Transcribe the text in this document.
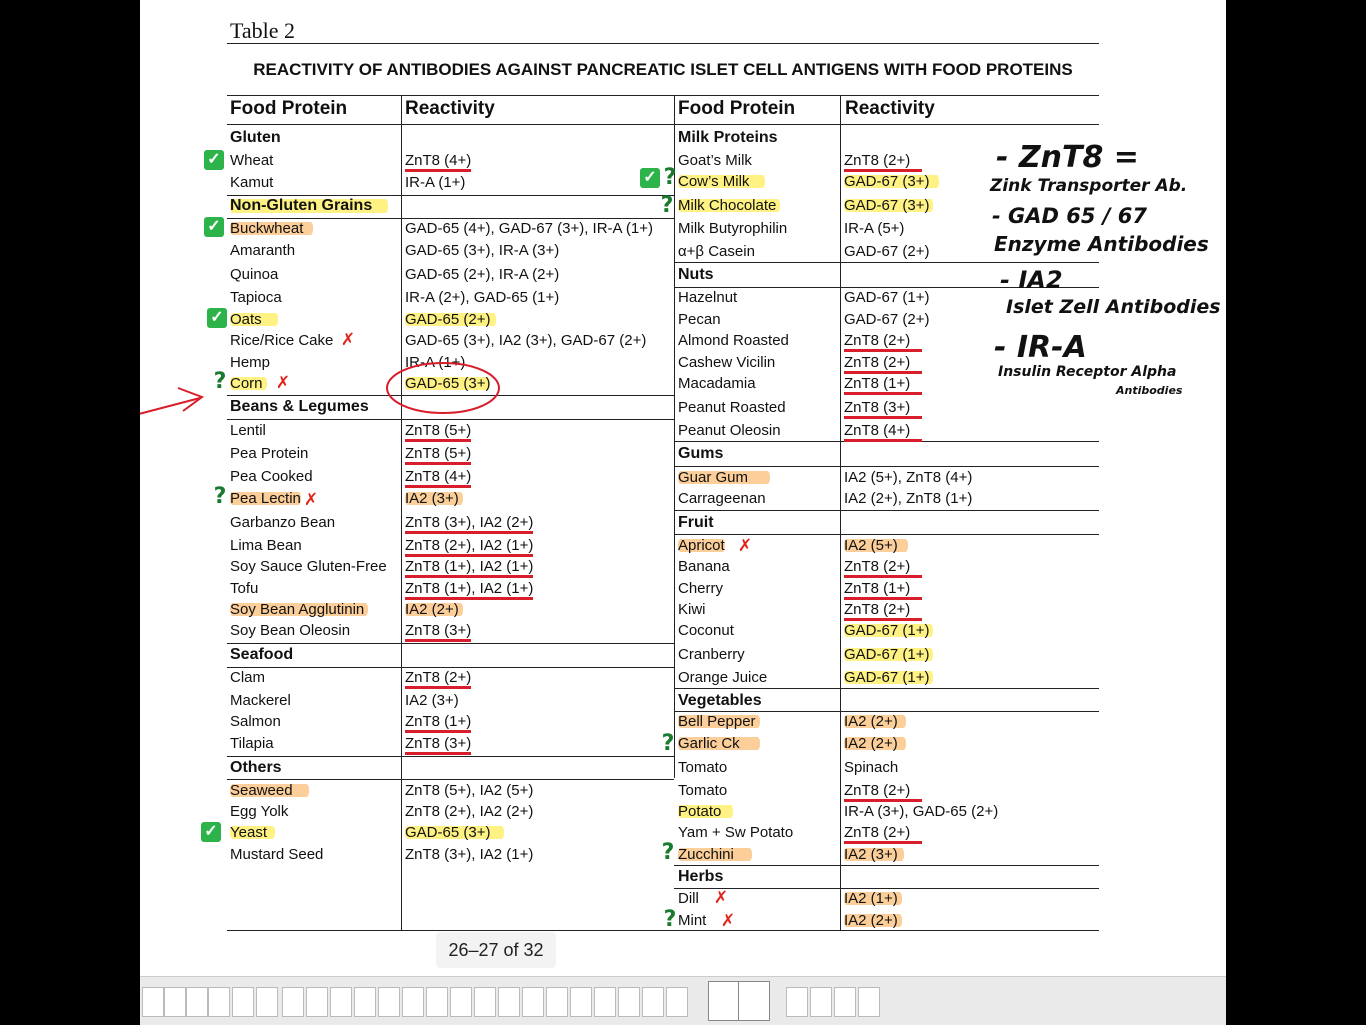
Table 2
REACTIVITY OF ANTIBODIES AGAINST PANCREATIC ISLET CELL ANTIGENS WITH FOOD PROTEINS
Food Protein	Reactivity	Food Protein	Reactivity
Gluten
Wheat	ZnT8 (4+)
Kamut	IR-A (1+)
Non-Gluten Grains
Buckwheat	GAD-65 (4+), GAD-67 (3+), IR-A (1+)
Amaranth	GAD-65 (3+), IR-A (3+)
Quinoa	GAD-65 (2+), IR-A (2+)
Tapioca	IR-A (2+), GAD-65 (1+)
Oats	GAD-65 (2+)
Rice/Rice Cake	GAD-65 (3+), IA2 (3+), GAD-67 (2+)
Hemp	IR-A (1+)
Corn	GAD-65 (3+)
Beans & Legumes
Lentil	ZnT8 (5+)
Pea Protein	ZnT8 (5+)
Pea Cooked	ZnT8 (4+)
Pea Lectin	IA2 (3+)
Garbanzo Bean	ZnT8 (3+), IA2 (2+)
Lima Bean	ZnT8 (2+), IA2 (1+)
Soy Sauce Gluten-Free ZnT8 (1+), IA2 (1+)
Tofu	ZnT8 (1+), IA2 (1+)
Soy Bean Agglutinin	IA2 (2+)
Soy Bean Oleosin	ZnT8 (3+)
Seafood
Clam	ZnT8 (2+)
Mackerel	IA2 (3+)
Salmon	ZnT8 (1+)
Tilapia	ZnT8 (3+)
Others
Seaweed	ZnT8 (5+), IA2 (5+)
Egg Yolk	ZnT8 (2+), IA2 (2+)
Yeast	GAD-65 (3+)
Mustard Seed	ZnT8 (3+), IA2 (1+)
Milk Proteins
Goat’s Milk	ZnT8 (2+)
Cow’s Milk	GAD-67 (3+)
Milk Chocolate	GAD-67 (3+)
Milk Butyrophilin	IR-A (5+)
α+β Casein	GAD-67 (2+)
Nuts
Hazelnut	GAD-67 (1+)
Pecan	GAD-67 (2+)
Almond Roasted	ZnT8 (2+)
Cashew Vicilin	ZnT8 (2+)
Macadamia	ZnT8 (1+)
Peanut Roasted	ZnT8 (3+)
Peanut Oleosin	ZnT8 (4+)
Gums
Guar Gum	IA2 (5+), ZnT8 (4+)
Carrageenan	IA2 (2+), ZnT8 (1+)
Fruit
Apricot	IA2 (5+)
Banana	ZnT8 (2+)
Cherry	ZnT8 (1+)
Kiwi	ZnT8 (2+)
Coconut	GAD-67 (1+)
Cranberry	GAD-67 (1+)
Orange Juice	GAD-67 (1+)
Vegetables
Bell Pepper	IA2 (2+)
Garlic Ck	IA2 (2+)
Tomato	Spinach
Tomato	ZnT8 (2+)
Potato	IR-A (3+), GAD-65 (2+)
Yam + Sw Potato	ZnT8 (2+)
Zucchini	IA2 (3+)
Herbs
Dill	IA2 (1+)
Mint	IA2 (2+)
✓
✓
✓
✓
✓ ?
?
?
?
?
?
?
✗
✗
✗
✗
✗
✗
- ZnT8 =
Zink Transporter Ab.
- GAD 65 / 67
Enzyme Antibodies
- IA2
Islet Zell Antibodies
- IR-A
Insulin Receptor Alpha
Antibodies
26–27 of 32
